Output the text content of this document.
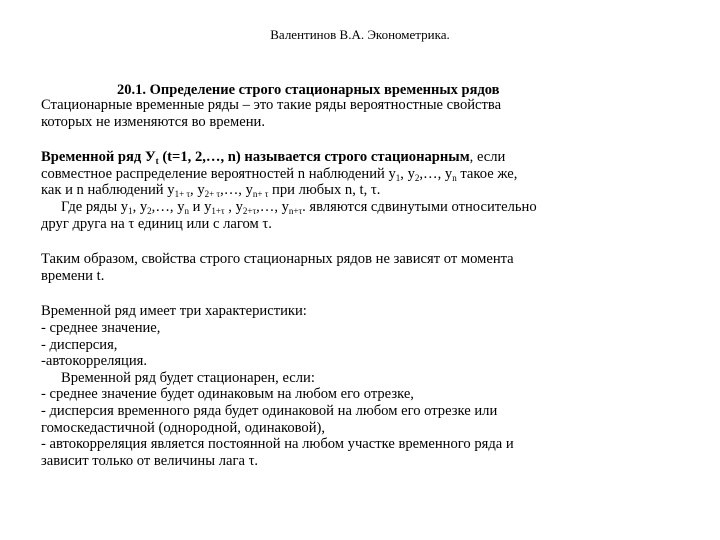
Валентинов В.А. Эконометрика.
20.1. Определение строго стационарных временных рядов

Стационарные временные ряды – это такие ряды вероятностные свойства

которых не изменяются во времени.

Временной ряд $У_t$ (t=1, 2,…, n) называется строго стационарным, если

совместное распределение вероятностей n наблюдений $y_1$, $y_2,\dots$, $y_n$ такое же,

как и n наблюдений $y_{1+ \tau}$, $y_{2+ \tau},\dots$, $y_{n+ \tau}$ при любых n, t, τ.

Где ряды $y_1$, $y_2,\dots$, $y_n$ и $y_{1+\tau}$ , $y_{2+\tau},\dots$, $y_{n+\tau}$. являются сдвинутыми относительно

друг друга на τ единиц или с лагом τ.

Таким образом, свойства строго стационарных рядов не зависят от момента

времени t.

Временной ряд имеет три характеристики:

- среднее значение,

- дисперсия,

-автокорреляция.

Временной ряд будет стационарен, если:

- среднее значение будет одинаковым на любом его отрезке,

- дисперсия временного ряда будет одинаковой на любом его отрезке или

гомоскедастичной (однородной, одинаковой),

- автокорреляция является постоянной на любом участке временного ряда и

зависит только от величины лага τ.
